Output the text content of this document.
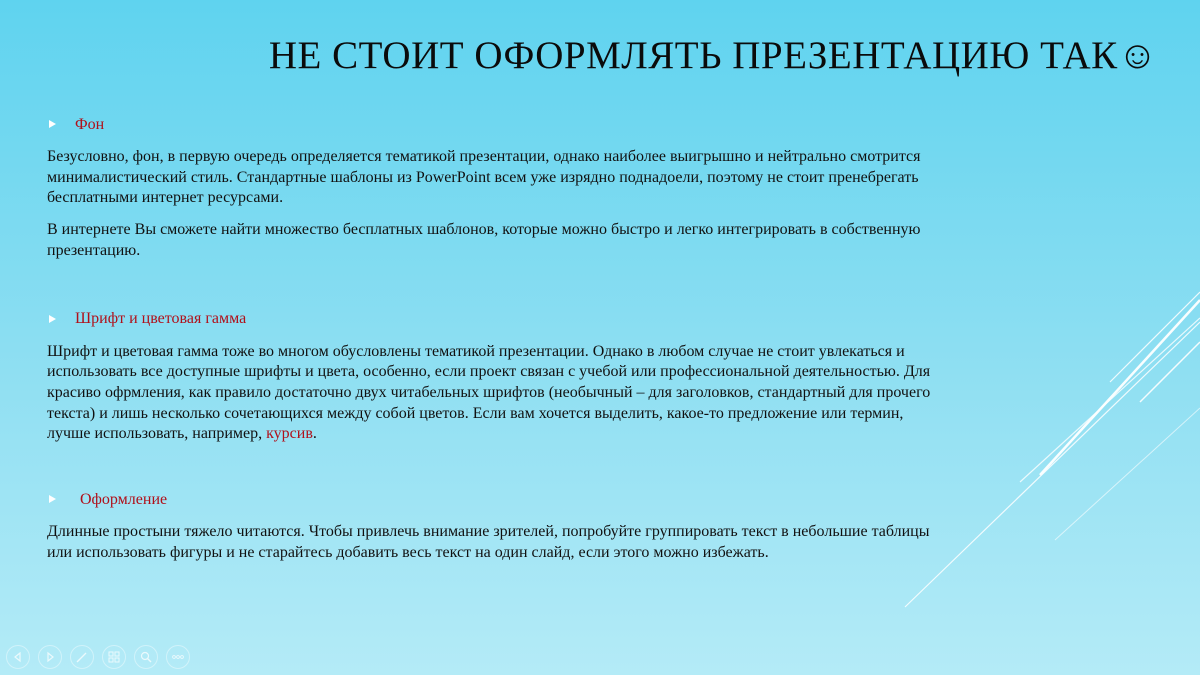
НЕ СТОИТ ОФОРМЛЯТЬ ПРЕЗЕНТАЦИЮ ТАК☺
Фон

Безусловно, фон, в первую очередь определяется тематикой презентации, однако наиболее выигрышно и нейтрально смотрится минималистический стиль. Стандартные шаблоны из PowerPoint всем уже изрядно поднадоели, поэтому не стоит пренебрегать бесплатными интернет ресурсами.

В интернете Вы сможете найти множество бесплатных шаблонов, которые можно быстро и легко интегрировать в собственную презентацию.

Шрифт и цветовая гамма

Шрифт и цветовая гамма тоже во многом обусловлены тематикой презентации. Однако в любом случае не стоит увлекаться и использовать все доступные шрифты и цвета, особенно, если проект связан с учебой или профессиональной деятельностью. Для красиво офрмления, как правило достаточно двух читабельных шрифтов (необычный – для заголовков, стандартный для прочего текста) и лишь несколько сочетающихся между собой цветов. Если вам хочется выделить, какое-то предложение или термин, лучше использовать, например, курсив.

Оформление

Длинные простыни тяжело читаются. Чтобы привлечь внимание зрителей, попробуйте группировать текст в небольшие таблицы или использовать фигуры и не старайтесь добавить весь текст на один слайд, если этого можно избежать.
